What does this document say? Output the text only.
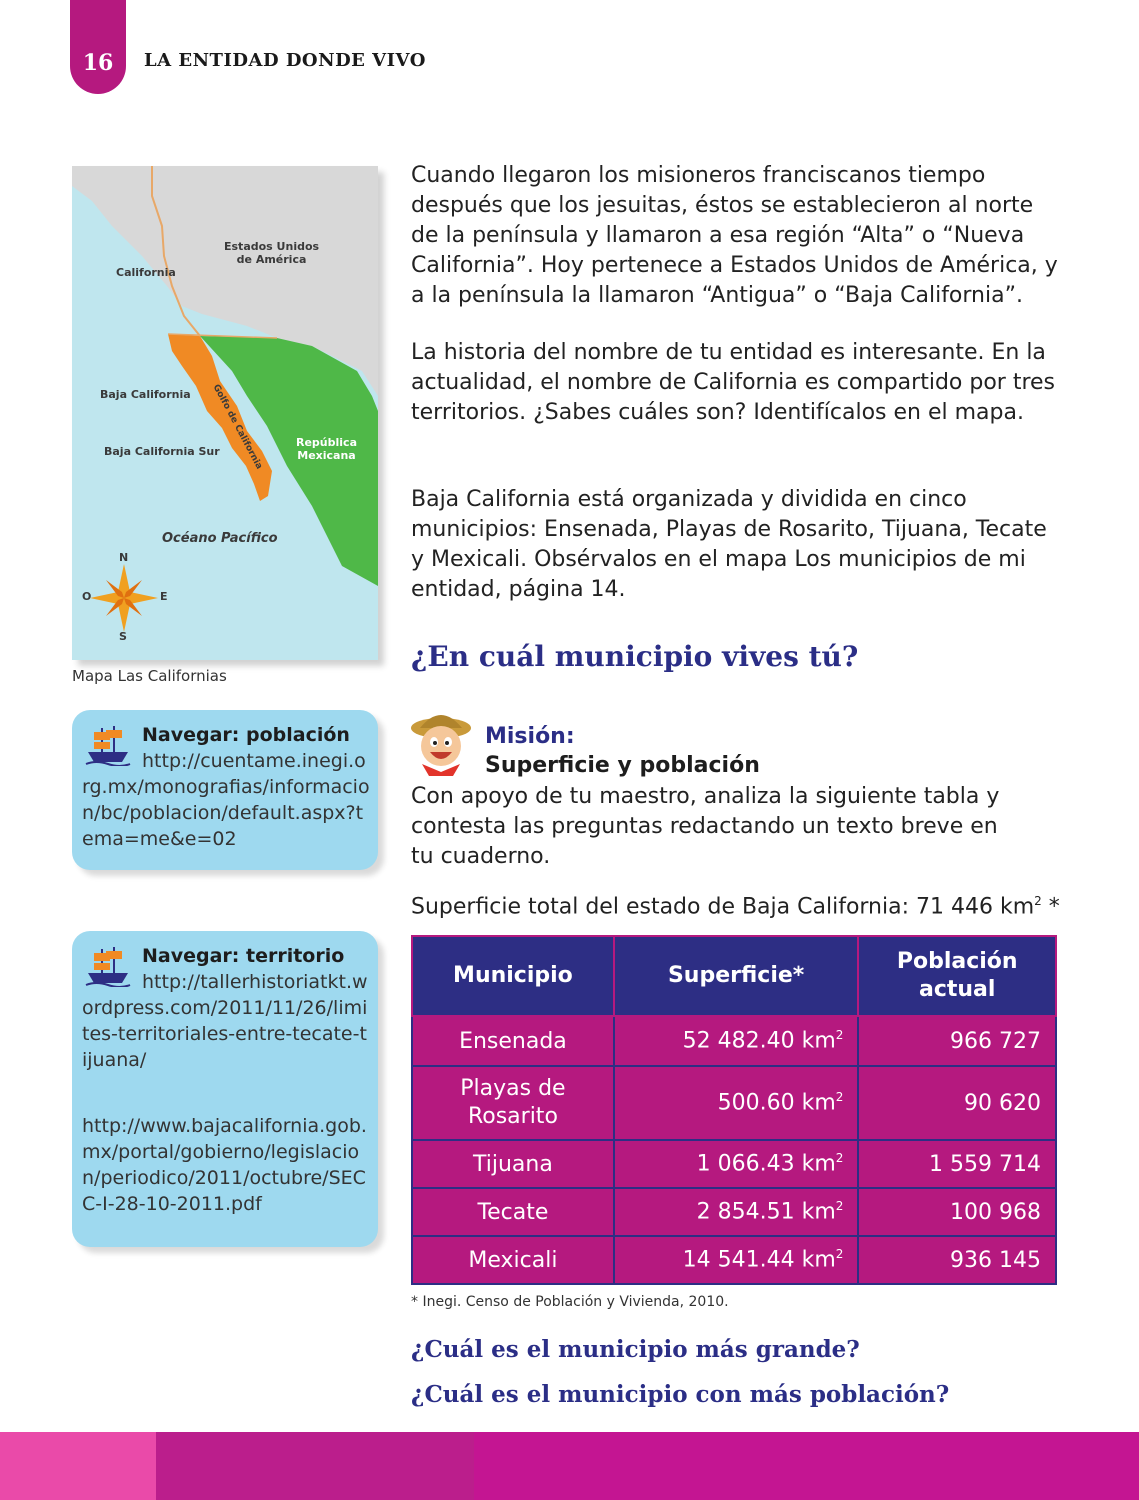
16	LA ENTIDAD DONDE VIVO
Estados Unidos
de América
California
Baja California
Baja California Sur
Golfo de California	República
Mexicana
Océano Pacífico
N
S
O	E
Mapa Las Californias
Navegar: población
http://cuentame.inegi.org.mx/monografias/informacion/bc/poblacion/default.aspx?tema=me&e=02
Navegar: territorio
http://tallerhistoriatkt.wordpress.com/2011/11/26/limites-territoriales-entre-tecate-tijuana/
http://www.bajacalifornia.gob.mx/portal/gobierno/legislacion/periodico/2011/octubre/SECC-I-28-10-2011.pdf

Cuando llegaron los misioneros franciscanos tiempo después que los jesuitas, éstos se establecieron al norte de la península y llamaron a esa región “Alta” o “Nueva California”. Hoy pertenece a Estados Unidos de América, y a la península la llamaron “Antigua” o “Baja California”.

La historia del nombre de tu entidad es interesante. En la actualidad, el nombre de California es compartido por tres territorios. ¿Sabes cuáles son? Identifícalos en el mapa.

Baja California está organizada y dividida en cinco municipios: Ensenada, Playas de Rosarito, Tijuana, Tecate y Mexicali. Obsérvalos en el mapa Los municipios de mi entidad, página 14.

¿En cuál municipio vives tú?
Misión:
Superficie y población

Con apoyo de tu maestro, analiza la siguiente tabla y contesta las preguntas redactando un texto breve en tu cuaderno.

Superficie total del estado de Baja California: 71 446 $km^2$ *
Municipio	Superficie*	Población actual
Ensenada	52 482.40 $km^2$	966 727
Playas de Rosarito	500.60 $km^2$	90 620
Tijuana	1 066.43 $km^2$	1 559 714
Tecate	2 854.51 $km^2$	100 968
Mexicali	14 541.44 $km^2$	936 145
* Inegi. Censo de Población y Vivienda, 2010.
¿Cuál es el municipio más grande?
¿Cuál es el municipio con más población?
